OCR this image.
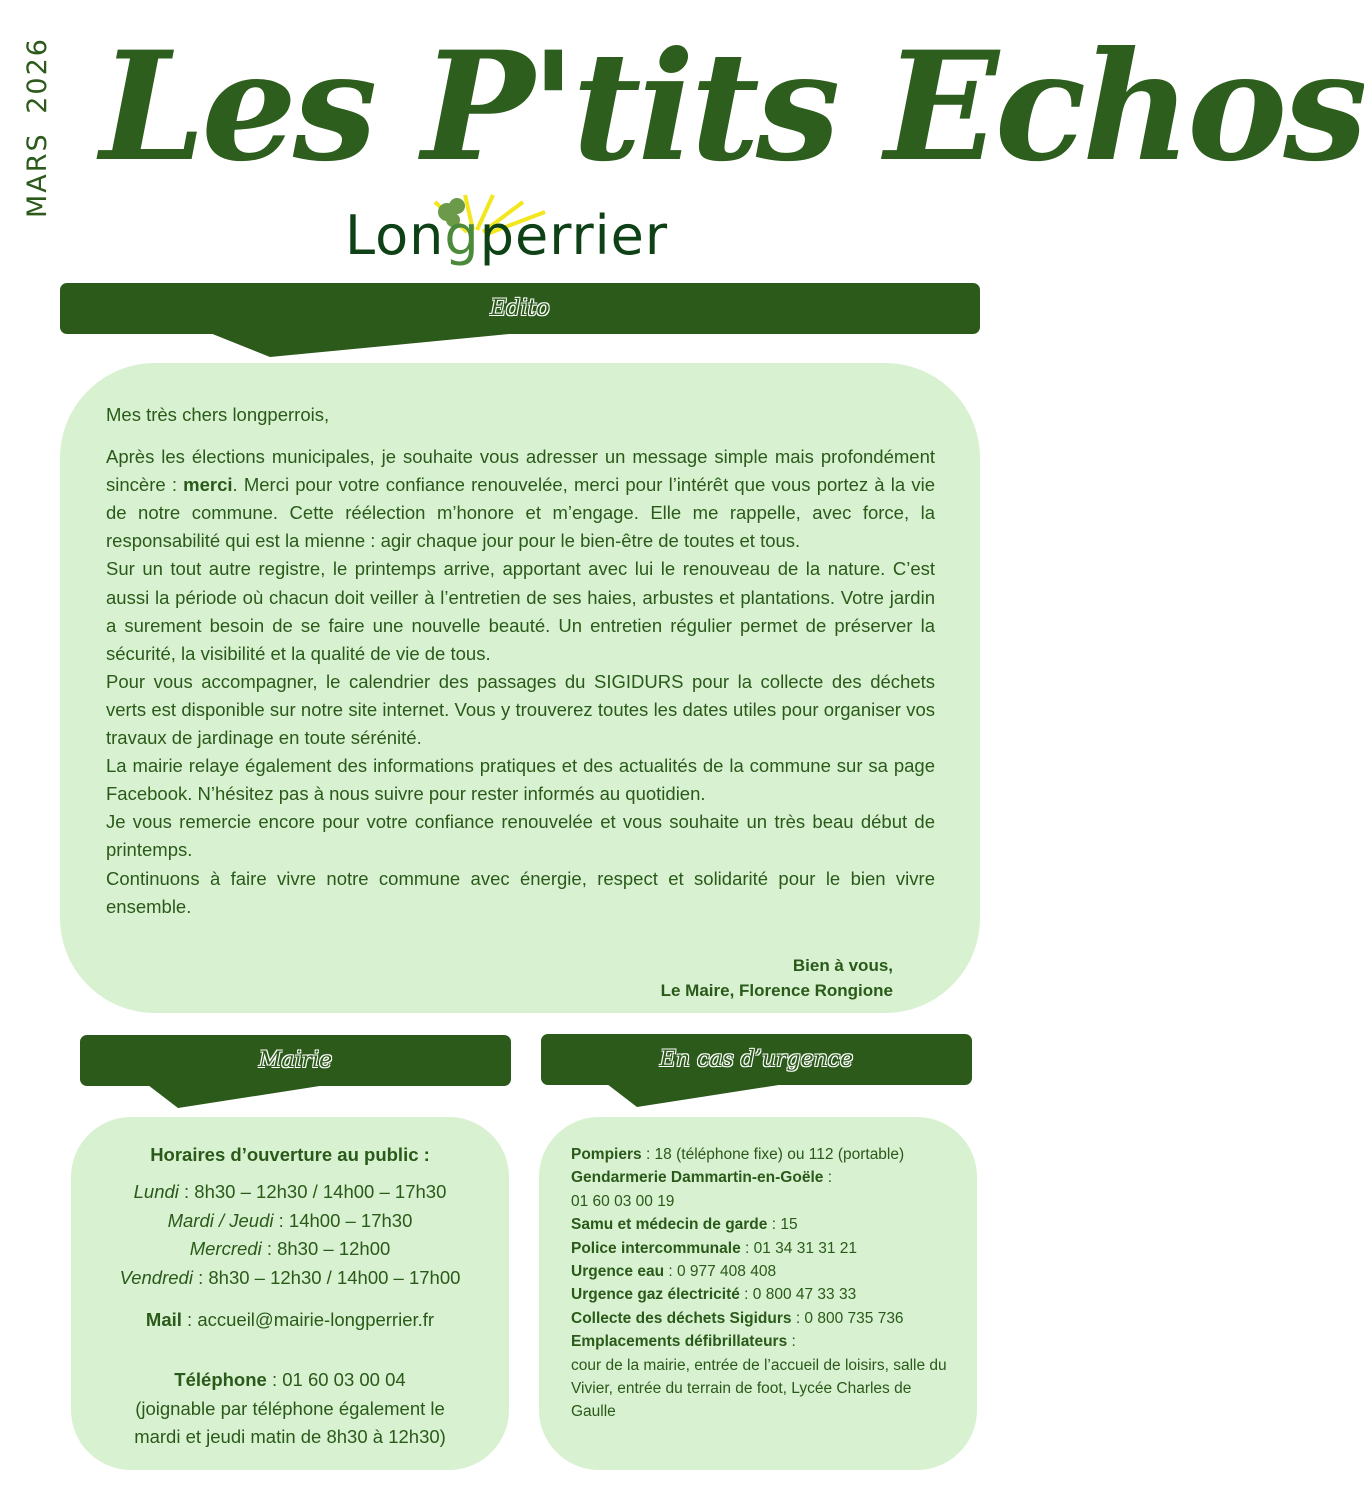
MARS 2026 Les P'tits Echos
Longperrier
Edito

Mes très chers longperrois,

Après les élections municipales, je souhaite vous adresser un message simple mais profondément sincère : merci. Merci pour votre confiance renouvelée, merci pour l’intérêt que vous portez à la vie de notre commune. Cette réélection m’honore et m’engage. Elle me rappelle, avec force, la responsabilité qui est la mienne : agir chaque jour pour le bien-être de toutes et tous.

Sur un tout autre registre, le printemps arrive, apportant avec lui le renouveau de la nature. C’est aussi la période où chacun doit veiller à l’entretien de ses haies, arbustes et plantations. Votre jardin a surement besoin de se faire une nouvelle beauté. Un entretien régulier permet de préserver la sécurité, la visibilité et la qualité de vie de tous.

Pour vous accompagner, le calendrier des passages du SIGIDURS pour la collecte des déchets verts est disponible sur notre site internet. Vous y trouverez toutes les dates utiles pour organiser vos travaux de jardinage en toute sérénité.

La mairie relaye également des informations pratiques et des actualités de la commune sur sa page Facebook. N’hésitez pas à nous suivre pour rester informés au quotidien.

Je vous remercie encore pour votre confiance renouvelée et vous souhaite un très beau début de printemps.

Continuons à faire vivre notre commune avec énergie, respect et solidarité pour le bien vivre ensemble.

Bien à vous,
Le Maire, Florence Rongione
Mairie
Horaires d’ouverture au public :
Lundi : 8h30 – 12h30 / 14h00 – 17h30
Mardi / Jeudi : 14h00 – 17h30
Mercredi : 8h30 – 12h00
Vendredi : 8h30 – 12h30 / 14h00 – 17h00
Mail : accueil@mairie-longperrier.fr
Téléphone : 01 60 03 00 04
(joignable par téléphone également le
mardi et jeudi matin de 8h30 à 12h30)
En cas d’urgence
Pompiers : 18 (téléphone fixe) ou 112 (portable)
Gendarmerie Dammartin-en-Goële :
01 60 03 00 19
Samu et médecin de garde : 15
Police intercommunale : 01 34 31 31 21
Urgence eau : 0 977 408 408
Urgence gaz électricité : 0 800 47 33 33
Collecte des déchets Sigidurs : 0 800 735 736
Emplacements défibrillateurs :
cour de la mairie, entrée de l’accueil de loisirs, salle du Vivier, entrée du terrain de foot, Lycée Charles de Gaulle
